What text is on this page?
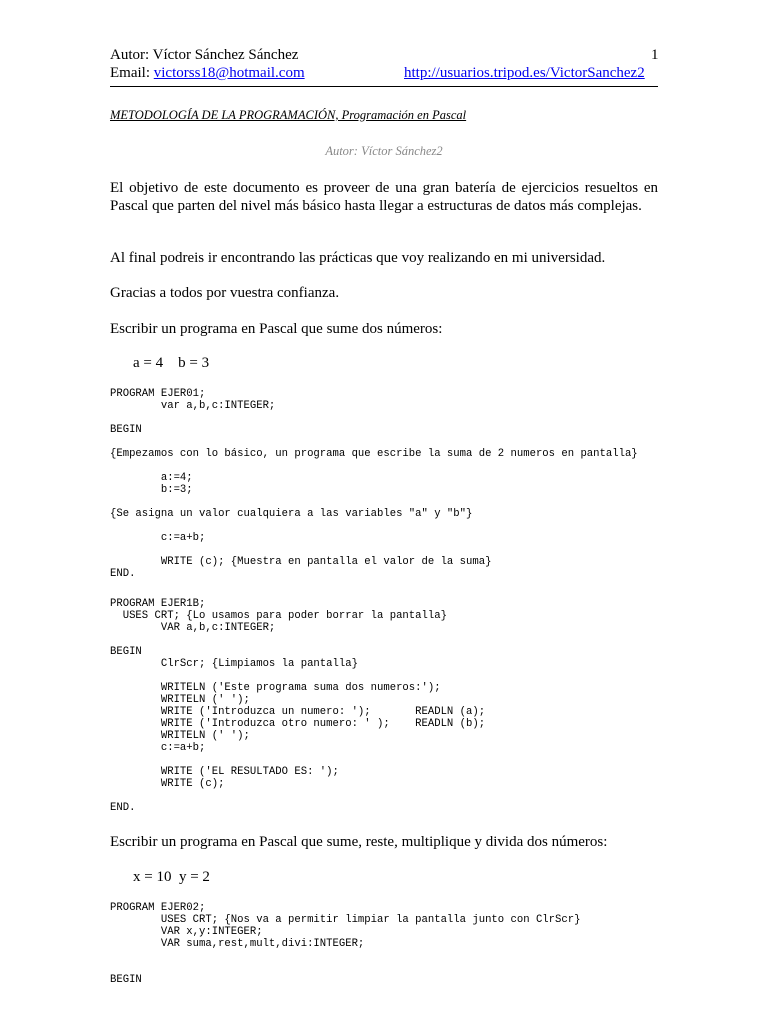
Autor: Víctor Sánchez Sánchez	1
Email: victorss18@hotmail.com	http://usuarios.tripod.es/VictorSanchez2
METODOLOGÍA DE LA PROGRAMACIÓN, Programación en Pascal
Autor: Víctor Sánchez2

El objetivo de este documento es proveer de una gran batería de ejercicios resueltos en Pascal que parten del nivel más básico hasta llegar a estructuras de datos más complejas.

Al final podreis ir encontrando las prácticas que voy realizando en mi universidad.

Gracias a todos por vuestra confianza.

Escribir un programa en Pascal que sume dos números:

a = 4    b = 3
PROGRAM EJER01;
var a,b,c:INTEGER;

BEGIN

{Empezamos con lo básico, un programa que escribe la suma de 2 numeros en pantalla}

a:=4;
b:=3;

{Se asigna un valor cualquiera a las variables "a" y "b"}

c:=a+b;

WRITE (c); {Muestra en pantalla el valor de la suma}
END.
PROGRAM EJER1B;
USES CRT; {Lo usamos para poder borrar la pantalla}
VAR a,b,c:INTEGER;

BEGIN
ClrScr; {Limpiamos la pantalla}

WRITELN ('Este programa suma dos numeros:');
WRITELN (' ');
WRITE ('Introduzca un numero: ');       READLN (a);
WRITE ('Introduzca otro numero: ' );    READLN (b);
WRITELN (' ');
c:=a+b;

WRITE ('EL RESULTADO ES: ');
WRITE (c);

END.

Escribir un programa en Pascal que sume, reste, multiplique y divida dos números:

x = 10  y = 2
PROGRAM EJER02;
USES CRT; {Nos va a permitir limpiar la pantalla junto con ClrScr}
VAR x,y:INTEGER;
VAR suma,rest,mult,divi:INTEGER;

BEGIN
